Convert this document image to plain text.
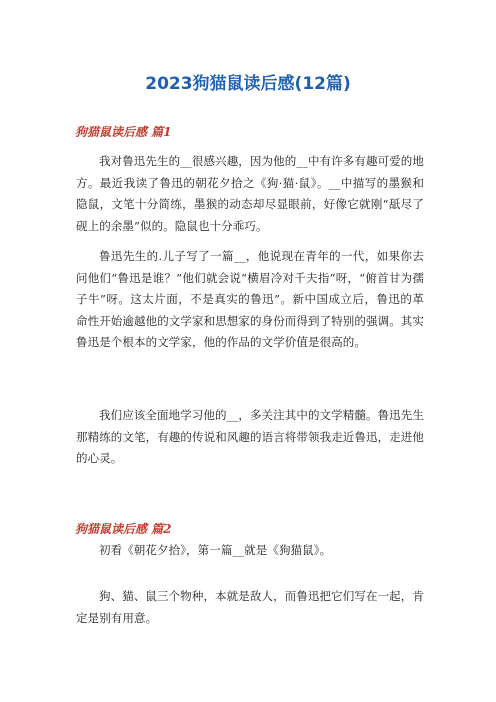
2023狗猫鼠读后感(12篇)
狗猫鼠读后感 篇1

我对鲁迅先生的__很感兴趣，因为他的__中有许多有趣可爱的地方。最近我读了鲁迅的朝花夕拾之《狗·猫·鼠》。__中描写的墨猴和隐鼠，文笔十分简练，墨猴的动态却尽显眼前，好像它就刚“舐尽了砚上的余墨”似的。隐鼠也十分乖巧。

鲁迅先生的.儿子写了一篇__，他说现在青年的一代，如果你去问他们“鲁迅是谁？”他们就会说“横眉冷对千夫指”呀，“俯首甘为孺子牛”呀。这太片面，不是真实的鲁迅”。新中国成立后，鲁迅的革命性开始逾越他的文学家和思想家的身份而得到了特别的强调。其实鲁迅是个根本的文学家，他的作品的文学价值是很高的。

我们应该全面地学习他的__，多关注其中的文学精髓。鲁迅先生那精练的文笔，有趣的传说和风趣的语言将带领我走近鲁迅，走进他的心灵。

狗猫鼠读后感 篇2

初看《朝花夕拾》，第一篇__就是《狗猫鼠》。

狗、猫、鼠三个物种，本就是敌人，而鲁迅把它们写在一起，肯定是别有用意。
